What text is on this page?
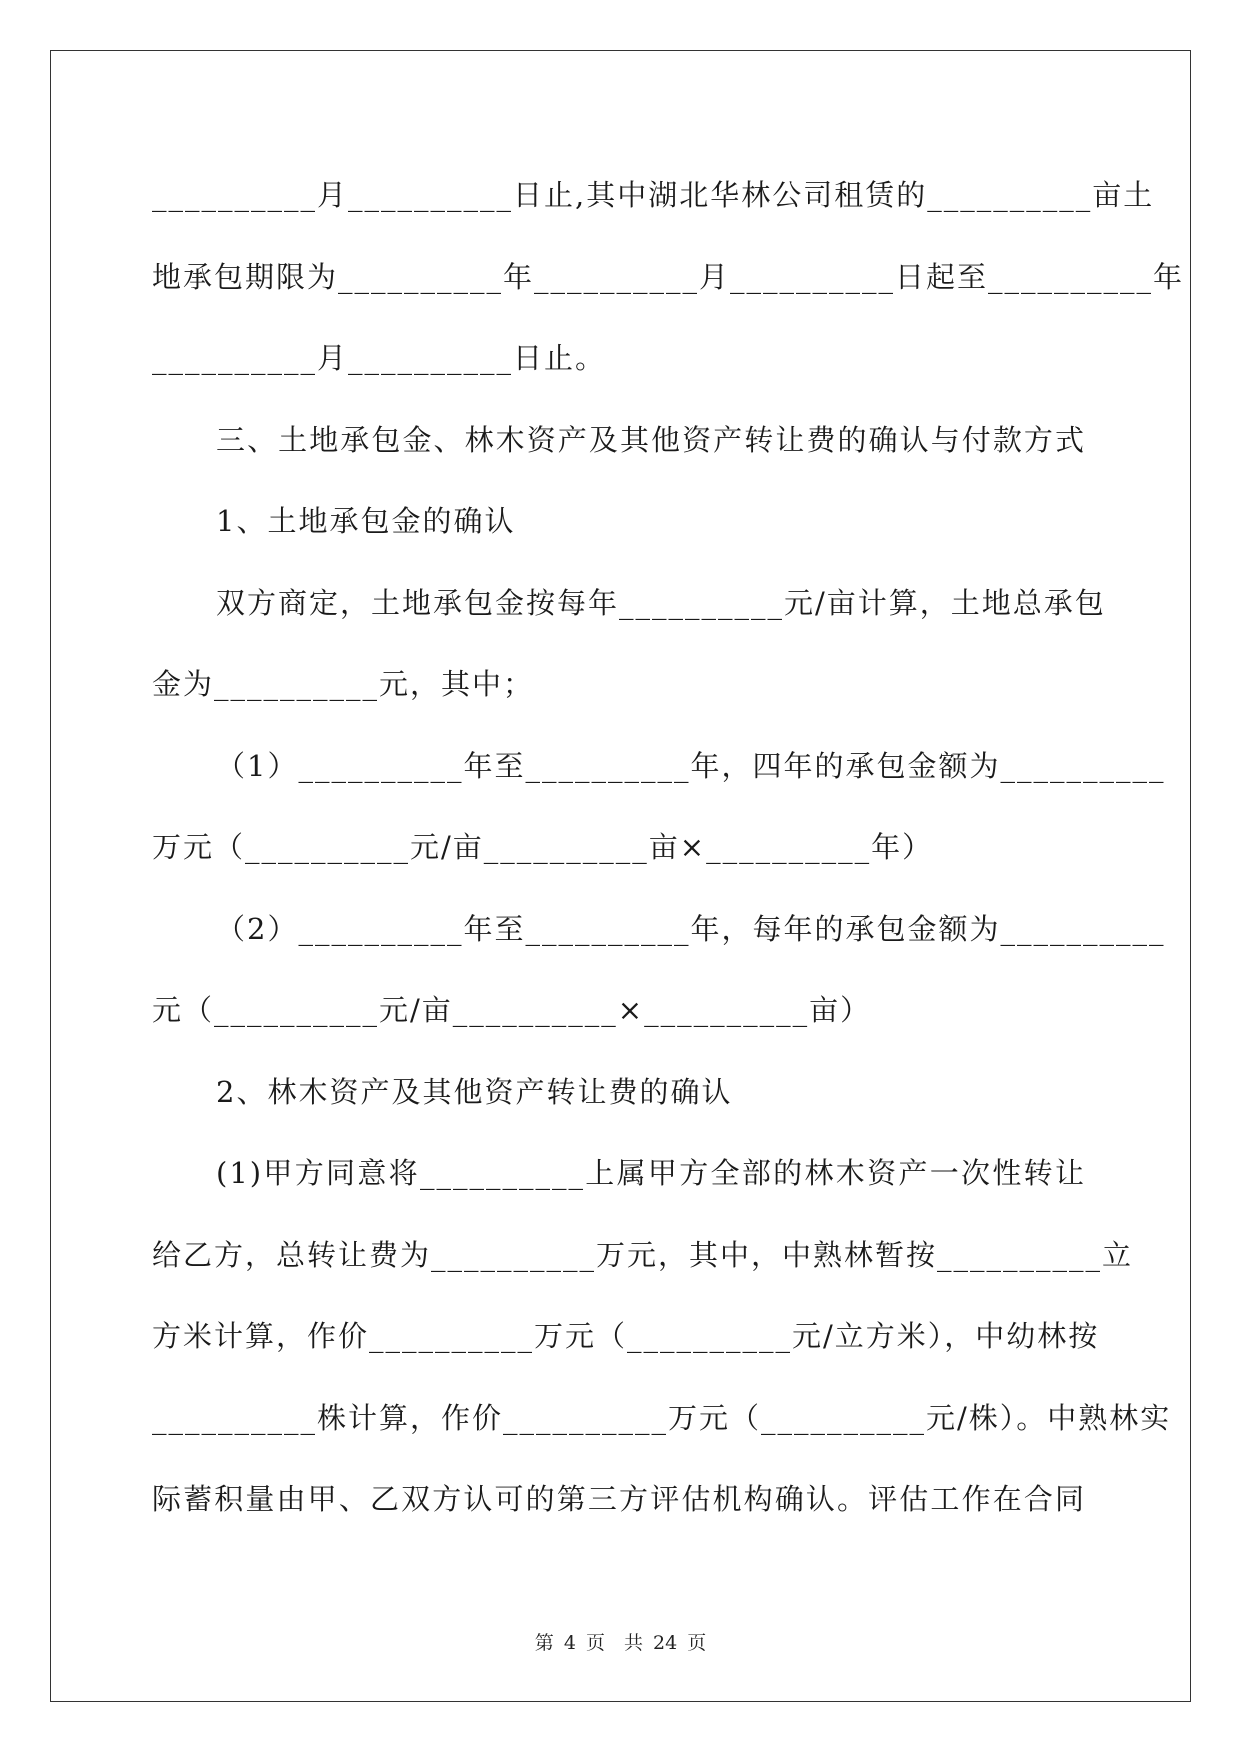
__________月__________日止,其中湖北华林公司租赁的__________亩土
地承包期限为__________年__________月__________日起至__________年
__________月__________日止。
三、土地承包金、林木资产及其他资产转让费的确认与付款方式
1、土地承包金的确认
双方商定，土地承包金按每年__________元/亩计算，土地总承包
金为__________元，其中；
（1）__________年至__________年，四年的承包金额为__________
万元（__________元/亩__________亩×__________年）
（2）__________年至__________年，每年的承包金额为__________
元（__________元/亩__________×__________亩）
2、林木资产及其他资产转让费的确认
(1)甲方同意将__________上属甲方全部的林木资产一次性转让
给乙方，总转让费为__________万元，其中，中熟林暂按__________立
方米计算，作价__________万元（__________元/立方米），中幼林按
__________株计算，作价__________万元（__________元/株）。中熟林实
际蓄积量由甲、乙双方认可的第三方评估机构确认。评估工作在合同
第 4 页　共 24 页
